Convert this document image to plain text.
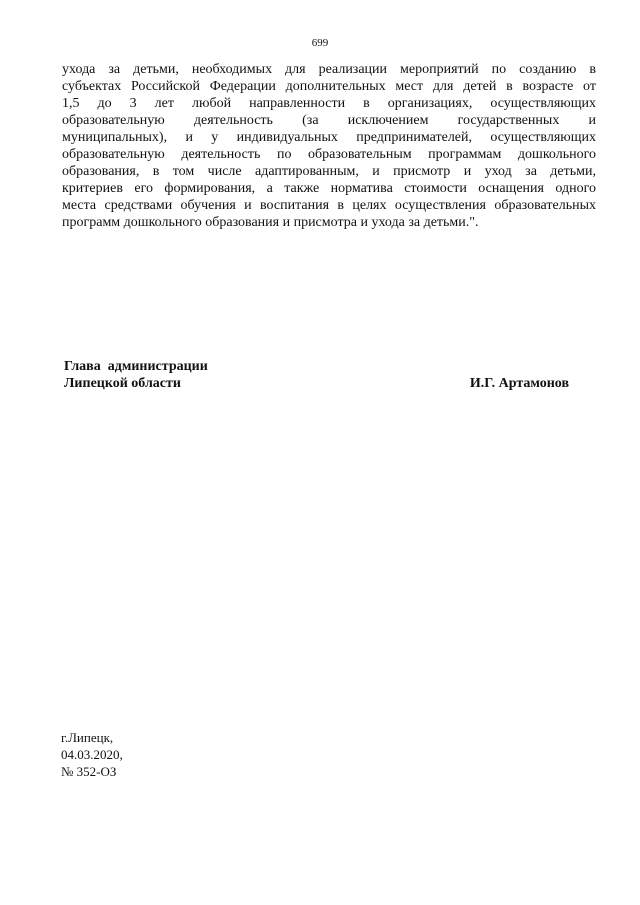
699
ухода за детьми, необходимых для реализации мероприятий по созданию в
субъектах Российской Федерации дополнительных мест для детей в возрасте от
1,5 до 3 лет любой направленности в организациях, осуществляющих
образовательную деятельность (за исключением государственных и
муниципальных), и у индивидуальных предпринимателей, осуществляющих
образовательную деятельность по образовательным программам дошкольного
образования, в том числе адаптированным, и присмотр и уход за детьми,
критериев его формирования, а также норматива стоимости оснащения одного
места средствами обучения и воспитания в целях осуществления образовательных
программ дошкольного образования и присмотра и ухода за детьми.".
Глава  администрации
Липецкой области	И.Г. Артамонов
г.Липецк,
04.03.2020,
№ 352-ОЗ
